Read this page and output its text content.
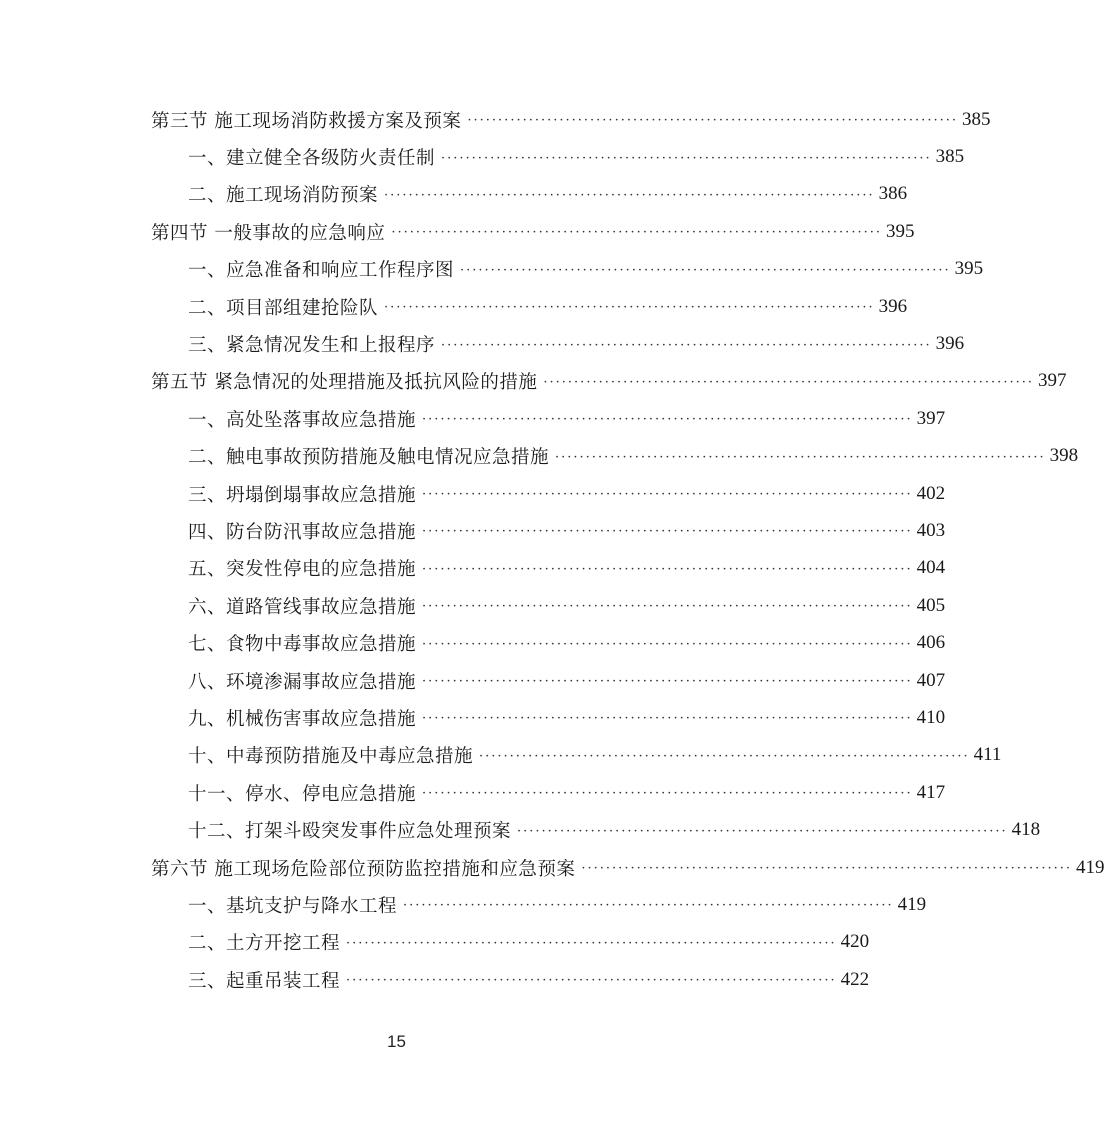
第三节 施工现场消防救援方案及预案 ················································································ 385
一、建立健全各级防火责任制 ················································································ 385
二、施工现场消防预案 ················································································ 386
第四节 一般事故的应急响应 ················································································ 395
一、应急准备和响应工作程序图 ················································································ 395
二、项目部组建抢险队 ················································································ 396
三、紧急情况发生和上报程序 ················································································ 396
第五节 紧急情况的处理措施及抵抗风险的措施 ················································································ 397
一、高处坠落事故应急措施 ················································································ 397
二、触电事故预防措施及触电情况应急措施 ················································································ 398
三、坍塌倒塌事故应急措施 ················································································ 402
四、防台防汛事故应急措施 ················································································ 403
五、突发性停电的应急措施 ················································································ 404
六、道路管线事故应急措施 ················································································ 405
七、食物中毒事故应急措施 ················································································ 406
八、环境渗漏事故应急措施 ················································································ 407
九、机械伤害事故应急措施 ················································································ 410
十、中毒预防措施及中毒应急措施 ················································································ 411
十一、停水、停电应急措施 ················································································ 417
十二、打架斗殴突发事件应急处理预案 ················································································ 418
第六节 施工现场危险部位预防监控措施和应急预案 ················································································ 419
一、基坑支护与降水工程 ················································································ 419
二、土方开挖工程 ················································································ 420
三、起重吊装工程 ················································································ 422
15
